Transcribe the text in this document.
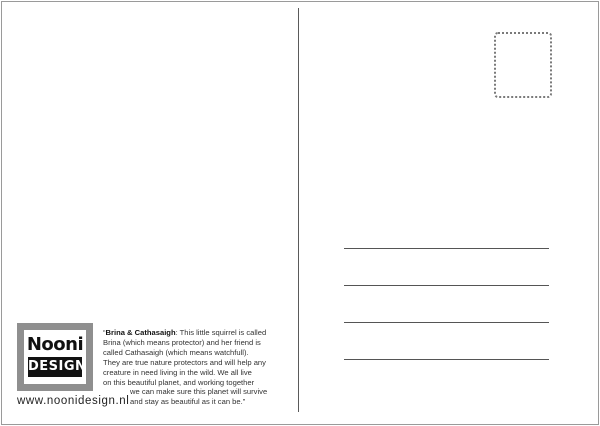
Nooni
DESIGN
www.noonidesign.nl

“Brina & Cathasaigh: This little squirrel is called

Brina (which means protector) and her friend is

called Cathasaigh (which means watchfull).

They are true nature protectors and will help any

creature in need living in the wild. We all live

on this beautiful planet, and working together

we can make sure this planet will survive

and stay as beautiful as it can be.”
